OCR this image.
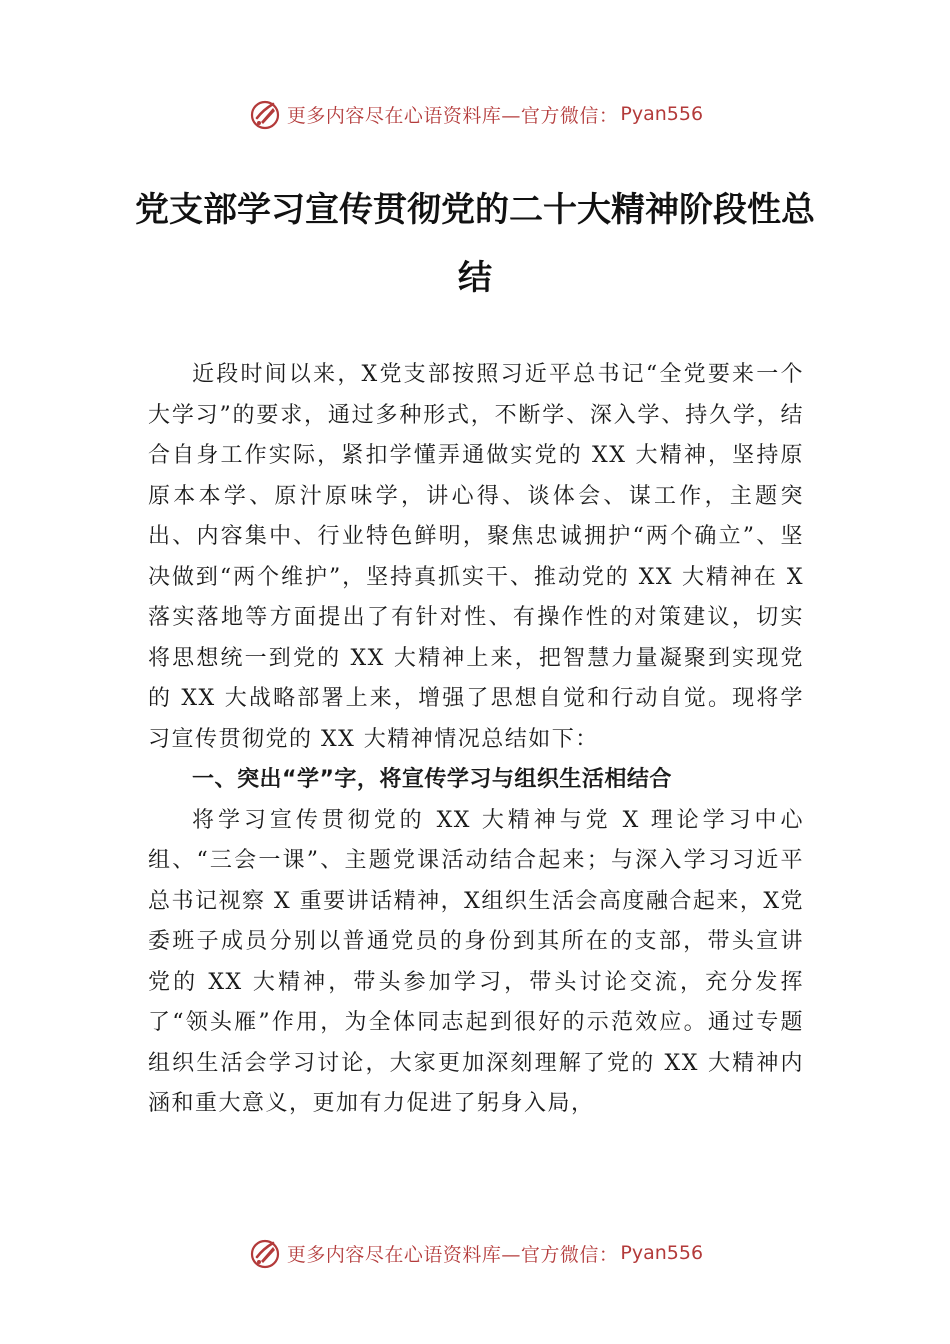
更多内容尽在心语资料库—官方微信： Pyan556
党支部学习宣传贯彻党的二十大精神阶段性总结

近段时间以来，X党支部按照习近平总书记“全党要来一个大学习”的要求，通过多种形式，不断学、深入学、持久学，结合自身工作实际，紧扣学懂弄通做实党的 XX 大精神，坚持原原本本学、原汁原味学，讲心得、谈体会、谋工作，主题突出、内容集中、行业特色鲜明，聚焦忠诚拥护“两个确立”、坚决做到“两个维护”，坚持真抓实干、推动党的 XX 大精神在 X 落实落地等方面提出了有针对性、有操作性的对策建议，切实将思想统一到党的 XX 大精神上来，把智慧力量凝聚到实现党的 XX 大战略部署上来，增强了思想自觉和行动自觉。现将学习宣传贯彻党的 XX 大精神情况总结如下：

一、突出“学”字，将宣传学习与组织生活相结合

将学习宣传贯彻党的 XX 大精神与党 X 理论学习中心组、“三会一课”、主题党课活动结合起来；与深入学习习近平总书记视察 X 重要讲话精神，X组织生活会高度融合起来，X党委班子成员分别以普通党员的身份到其所在的支部，带头宣讲党的 XX 大精神，带头参加学习，带头讨论交流，充分发挥了“领头雁”作用，为全体同志起到很好的示范效应。通过专题组织生活会学习讨论，大家更加深刻理解了党的 XX 大精神内涵和重大意义，更加有力促进了躬身入局，

更多内容尽在心语资料库—官方微信： Pyan556
